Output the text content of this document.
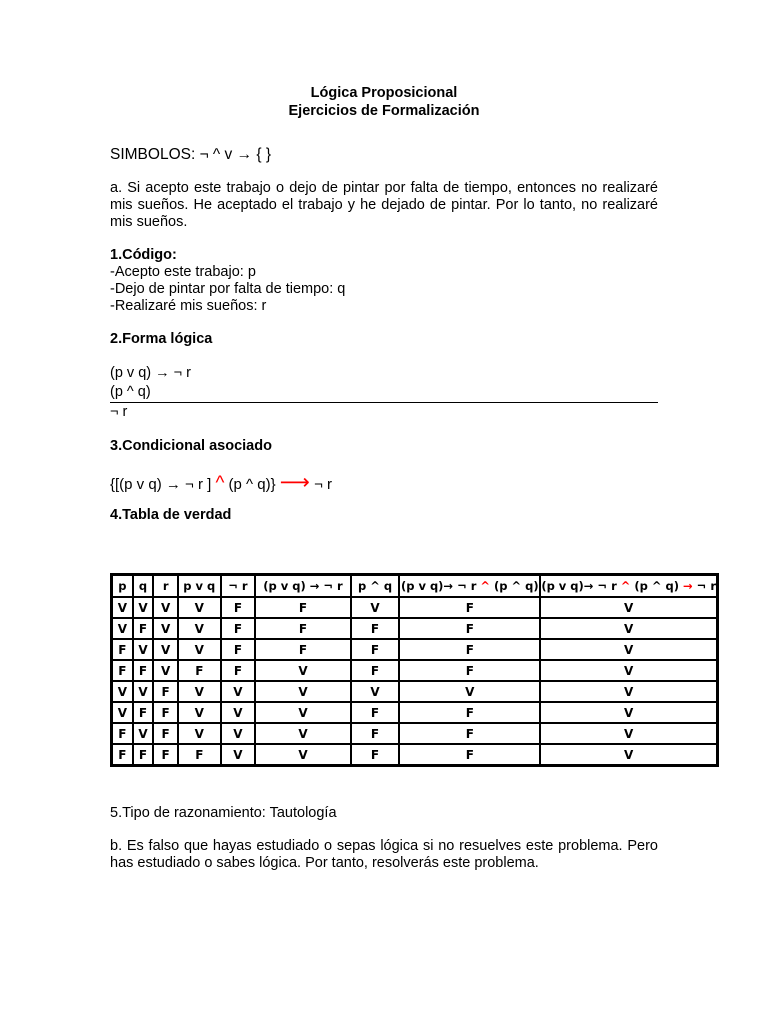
Lógica Proposicional

Ejercicios de Formalización

SIMBOLOS: ¬ ^ v → { }

a. Si acepto este trabajo o dejo de pintar por falta de tiempo, entonces no realizaré mis sueños. He aceptado el trabajo y he dejado de pintar. Por lo tanto, no realizaré mis sueños.

1.Código:

-Acepto este trabajo: p

-Dejo de pintar por falta de tiempo: q

-Realizaré mis sueños: r

2.Forma lógica

(p v q) → ¬ r

(p ^ q)

¬ r

3.Condicional asociado

{[(p v q) → ¬ r ] ^ (p ^ q)} ⟶ ¬ r

4.Tabla de verdad

p	q	r	p v q	¬ r	(p v q) → ¬ r	p ^ q	(p v q)→ ¬ r ^ (p ^ q)	(p v q)→ ¬ r ^ (p ^ q) → ¬ r
V	V	V	V	F	F	V	F	V
V	F	V	V	F	F	F	F	V
F	V	V	V	F	F	F	F	V
F	F	V	F	F	V	F	F	V
V	V	F	V	V	V	V	V	V
V	F	F	V	V	V	F	F	V
F	V	F	V	V	V	F	F	V
F	F	F	F	V	V	F	F	V

5.Tipo de razonamiento: Tautología

b. Es falso que hayas estudiado o sepas lógica si no resuelves este problema. Pero has estudiado o sabes lógica. Por tanto, resolverás este problema.
